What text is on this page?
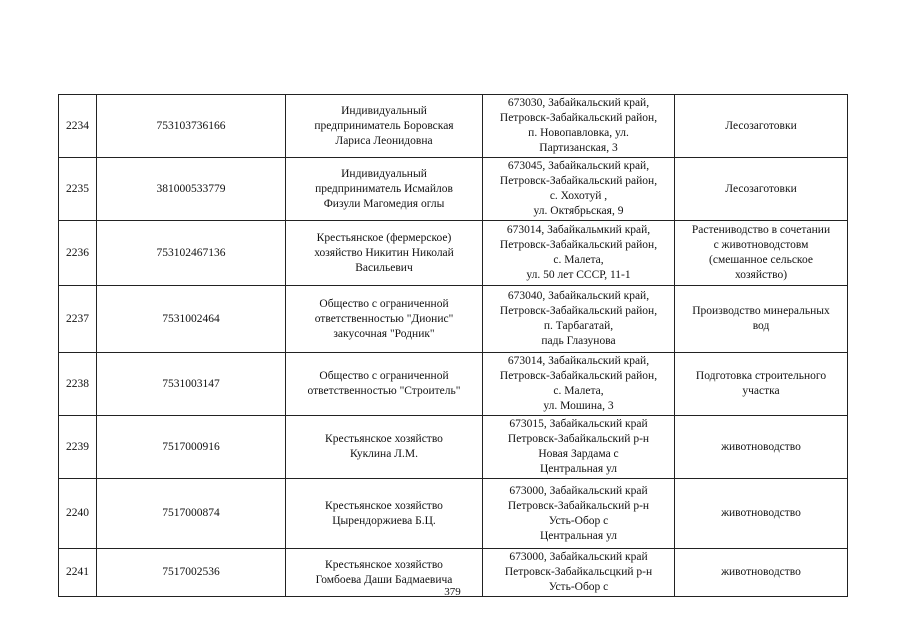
2234	753103736166	Индивидуальный
предприниматель Боровская
Лариса Леонидовна	673030, Забайкальский край,
Петровск-Забайкальский район,
п. Новопавловка, ул.
Партизанская, 3	Лесозаготовки
2235	381000533779	Индивидуальный
предприниматель Исмайлов
Физули Магомедия оглы	673045, Забайкальский край,
Петровск-Забайкальский район,
с. Хохотуй ,
ул. Октябрьская, 9	Лесозаготовки
2236	753102467136	Крестьянское (фермерское)
хозяйство Никитин Николай
Васильевич	673014, Забайкальмкий край,
Петровск-Забайкальский район,
с. Малета,
ул. 50 лет СССР, 11-1	Растениводство в сочетании
с животноводстовм
(смешанное сельское
хозяйство)
2237	7531002464	Общество с ограниченной
ответственностью "Дионис"
закусочная "Родник"	673040, Забайкальский край,
Петровск-Забайкальский район,
п. Тарбагатай,
падь Глазунова	Производство минеральных
вод
2238	7531003147	Общество с ограниченной
ответственностью "Строитель"	673014, Забайкальский край,
Петровск-Забайкальский район,
с. Малета,
ул. Мошина, 3	Подготовка строительного
участка
2239	7517000916	Крестьянское хозяйство
Куклина Л.М.	673015, Забайкальский край
Петровск-Забайкальский р-н
Новая Зардама с
Центральная ул	животноводство
2240	7517000874	Крестьянское хозяйство
Цырендоржиева Б.Ц.	673000, Забайкальский край
Петровск-Забайкальский р-н
Усть-Обор с
Центральная ул	животноводство
2241	7517002536	Крестьянское хозяйство
Гомбоева Даши Бадмаевича	673000, Забайкальский край
Петровск-Забайкальсцкий р-н
Усть-Обор с	животноводство
379
